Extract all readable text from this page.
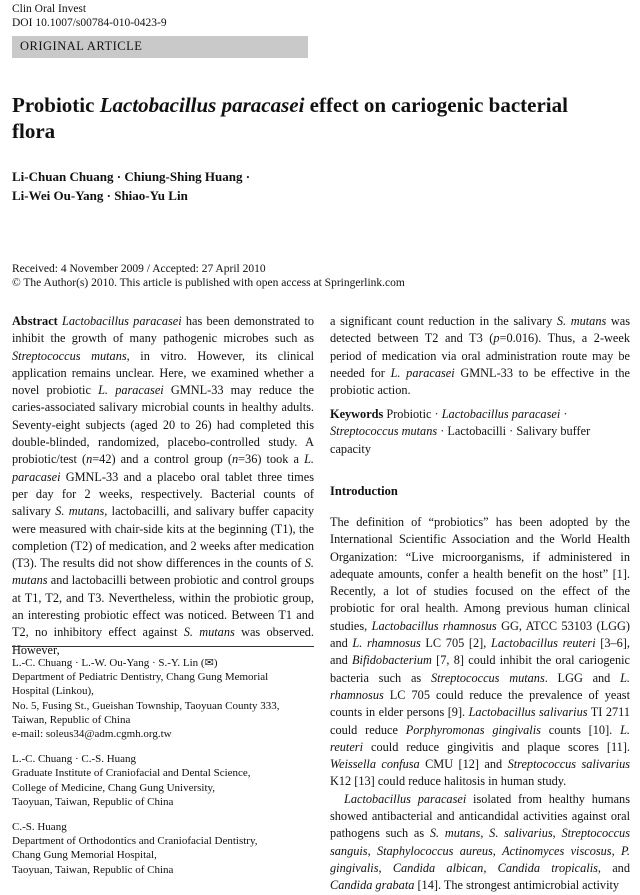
Clin Oral Invest
DOI 10.1007/s00784-010-0423-9
ORIGINAL ARTICLE
Probiotic Lactobacillus paracasei effect on cariogenic bacterial flora
Li-Chuan Chuang · Chiung-Shing Huang ·
Li-Wei Ou-Yang · Shiao-Yu Lin
Received: 4 November 2009 / Accepted: 27 April 2010
© The Author(s) 2010. This article is published with open access at Springerlink.com

Abstract Lactobacillus paracasei has been demonstrated to inhibit the growth of many pathogenic microbes such as Streptococcus mutans, in vitro. However, its clinical application remains unclear. Here, we examined whether a novel probiotic L. paracasei GMNL-33 may reduce the caries-associated salivary microbial counts in healthy adults. Seventy-eight subjects (aged 20 to 26) had completed this double-blinded, randomized, placebo-controlled study. A probiotic/test (n=42) and a control group (n=36) took a L. paracasei GMNL-33 and a placebo oral tablet three times per day for 2 weeks, respectively. Bacterial counts of salivary S. mutans, lactobacilli, and salivary buffer capacity were measured with chair-side kits at the beginning (T1), the completion (T2) of medication, and 2 weeks after medication (T3). The results did not show differences in the counts of S. mutans and lactobacilli between probiotic and control groups at T1, T2, and T3. Nevertheless, within the probiotic group, an interesting probiotic effect was noticed. Between T1 and T2, no inhibitory effect against S. mutans was observed. However,

a significant count reduction in the salivary S. mutans was detected between T2 and T3 (p=0.016). Thus, a 2-week period of medication via oral administration route may be needed for L. paracasei GMNL-33 to be effective in the probiotic action.

Keywords Probiotic · Lactobacillus paracasei · Streptococcus mutans · Lactobacilli · Salivary buffer capacity

Introduction

The definition of “probiotics” has been adopted by the International Scientific Association and the World Health Organization: “Live microorganisms, if administered in adequate amounts, confer a health benefit on the host” [1]. Recently, a lot of studies focused on the effect of the probiotic for oral health. Among previous human clinical studies, Lactobacillus rhamnosus GG, ATCC 53103 (LGG) and L. rhamnosus LC 705 [2], Lactobacillus reuteri [3–6], and Bifidobacterium [7, 8] could inhibit the oral cariogenic bacteria such as Streptococcus mutans. LGG and L. rhamnosus LC 705 could reduce the prevalence of yeast counts in elder persons [9]. Lactobacillus salivarius TI 2711 could reduce Porphyromonas gingivalis counts [10]. L. reuteri could reduce gingivitis and plaque scores [11]. Weissella confusa CMU [12] and Streptococcus salivarius K12 [13] could reduce halitosis in human study.

Lactobacillus paracasei isolated from healthy humans showed antibacterial and anticandidal activities against oral pathogens such as S. mutans, S. salivarius, Streptococcus sanguis, Staphylococcus aureus, Actinomyces viscosus, P. gingivalis, Candida albican, Candida tropicalis, and Candida grabata [14]. The strongest antimicrobial activity

L.-C. Chuang · L.-W. Ou-Yang · S.-Y. Lin (✉)
Department of Pediatric Dentistry, Chang Gung Memorial
Hospital (Linkou),
No. 5, Fusing St., Gueishan Township, Taoyuan County 333,
Taiwan, Republic of China
e-mail: soleus34@adm.cgmh.org.tw

L.-C. Chuang · C.-S. Huang
Graduate Institute of Craniofacial and Dental Science,
College of Medicine, Chang Gung University,
Taoyuan, Taiwan, Republic of China

C.-S. Huang
Department of Orthodontics and Craniofacial Dentistry,
Chang Gung Memorial Hospital,
Taoyuan, Taiwan, Republic of China
